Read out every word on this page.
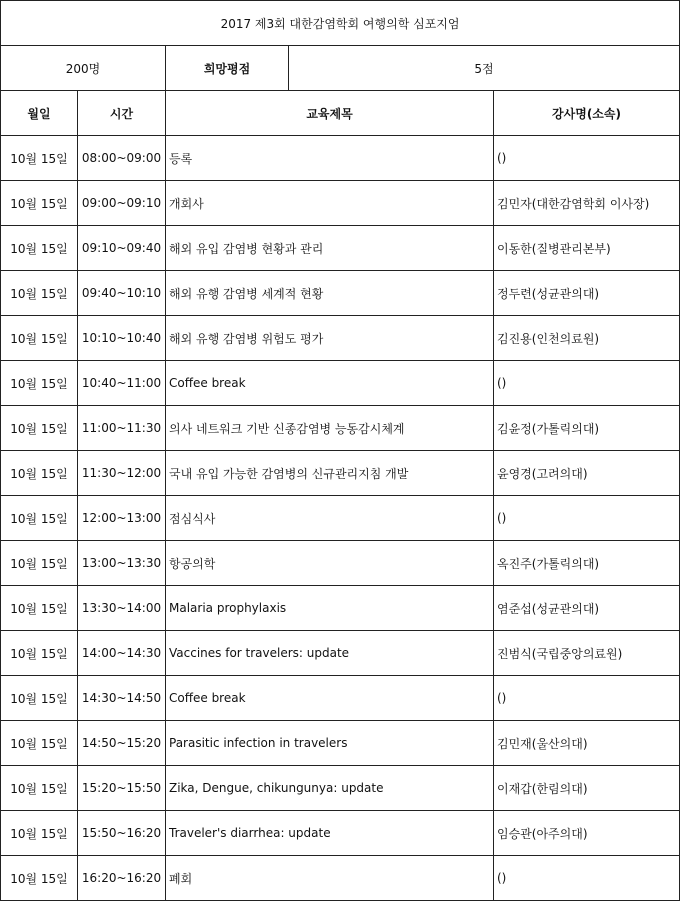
2017 제3회 대한감염학회 여행의학 심포지엄				
200명		희망평점	5점	
월일	시간	교육제목		강사명(소속)
10월 15일	08:00~09:00	등록		()
10월 15일	09:00~09:10	개회사		김민자(대한감염학회 이사장)
10월 15일	09:10~09:40	해외 유입 감염병 현황과 관리		이동한(질병관리본부)
10월 15일	09:40~10:10	해외 유행 감염병 세계적 현황		정두련(성균관의대)
10월 15일	10:10~10:40	해외 유행 감염병 위험도 평가		김진용(인천의료원)
10월 15일	10:40~11:00	Coffee break		()
10월 15일	11:00~11:30	의사 네트워크 기반 신종감염병 능동감시체계		김윤정(가톨릭의대)
10월 15일	11:30~12:00	국내 유입 가능한 감염병의 신규관리지침 개발		윤영경(고려의대)
10월 15일	12:00~13:00	점심식사		()
10월 15일	13:00~13:30	항공의학		옥진주(가톨릭의대)
10월 15일	13:30~14:00	Malaria prophylaxis		염준섭(성균관의대)
10월 15일	14:00~14:30	Vaccines for travelers: update		진범식(국립중앙의료원)
10월 15일	14:30~14:50	Coffee break		()
10월 15일	14:50~15:20	Parasitic infection in travelers		김민재(울산의대)
10월 15일	15:20~15:50	Zika, Dengue, chikungunya: update		이재갑(한림의대)
10월 15일	15:50~16:20	Traveler's diarrhea: update		임승관(아주의대)
10월 15일	16:20~16:20	폐회		()
